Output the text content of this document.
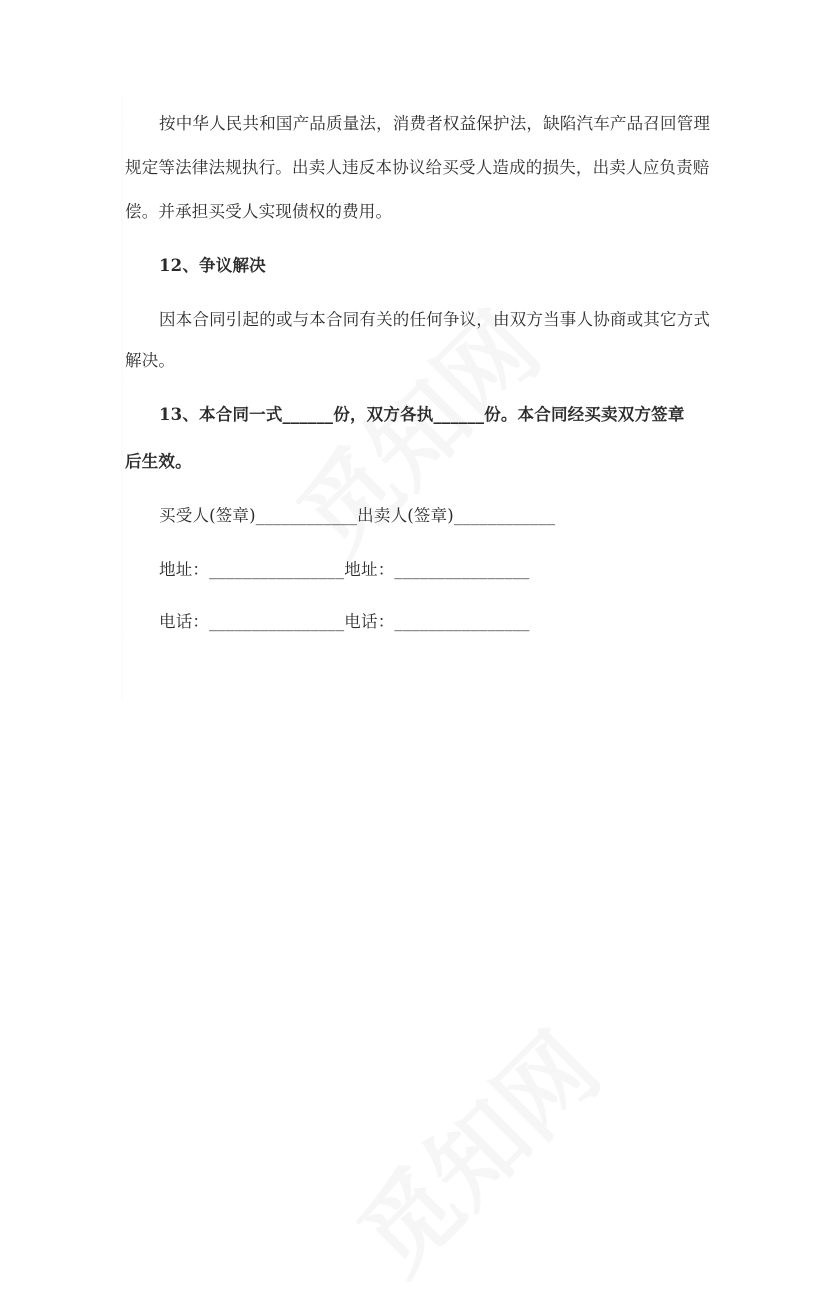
按中华人民共和国产品质量法，消费者权益保护法，缺陷汽车产品召回管理
规定等法律法规执行。出卖人违反本协议给买受人造成的损失，出卖人应负责赔
偿。并承担买受人实现债权的费用。
12、争议解决
因本合同引起的或与本合同有关的任何争议，由双方当事人协商或其它方式
解决。
13、本合同一式______份，双方各执______份。本合同经买卖双方签章
后生效。
买受人(签章)____________出卖人(签章)____________
地址：________________地址：________________
电话：________________电话：________________
